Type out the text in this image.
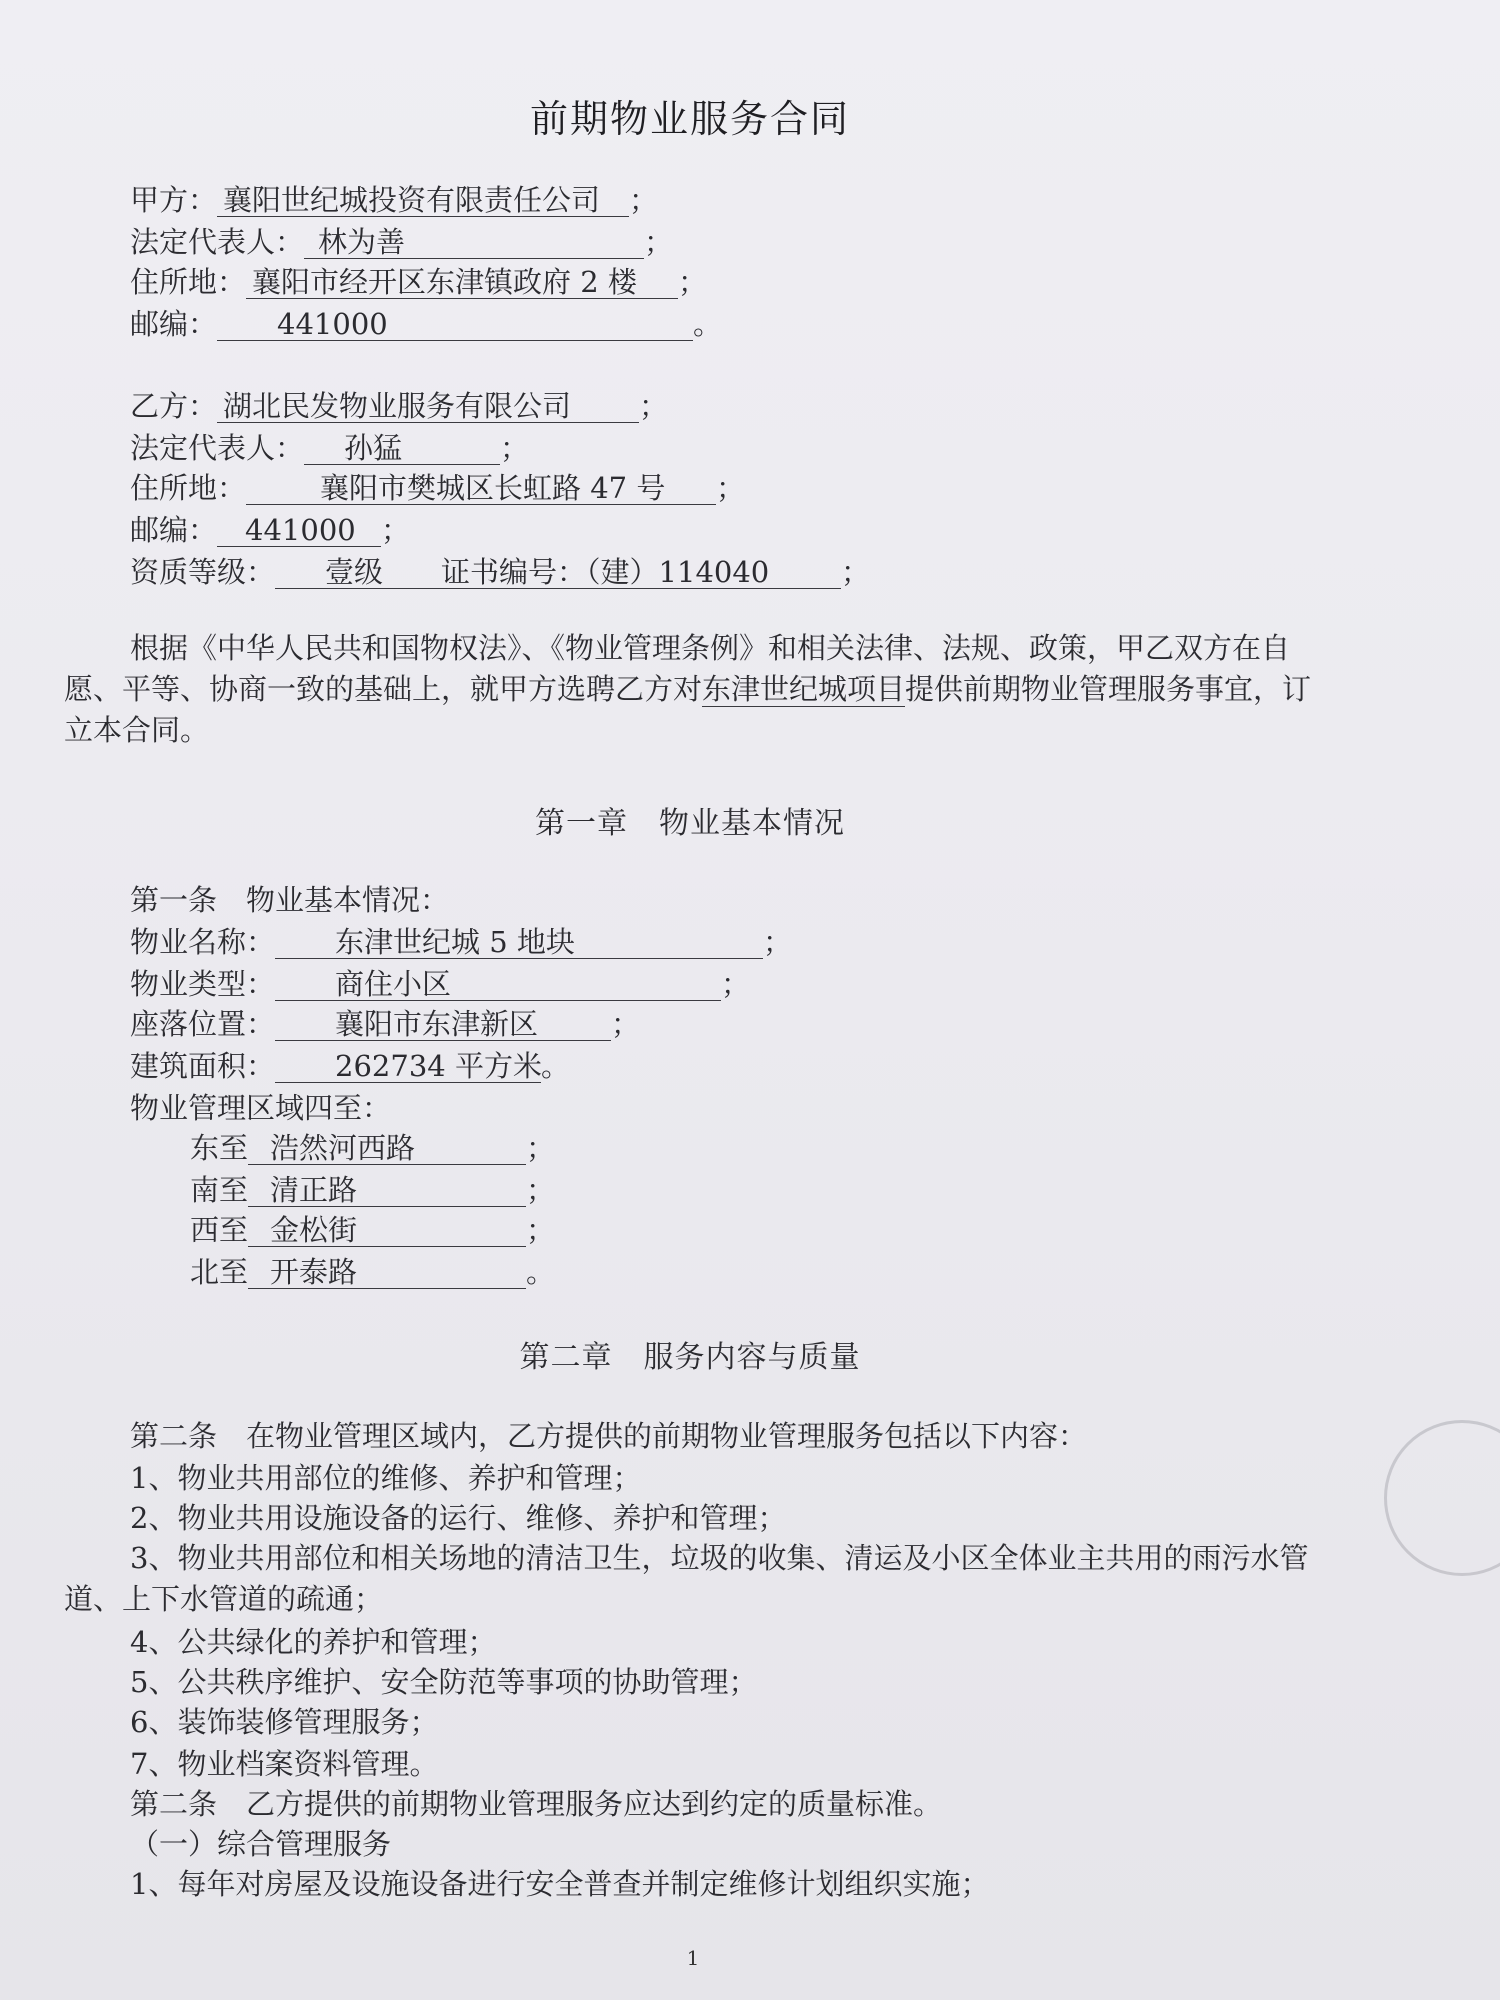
前期物业服务合同
甲方： 襄阳世纪城投资有限责任公司 ；
法定代表人： 林为善	；
住所地： 襄阳市经开区东津镇政府 2 楼 ；
邮编： 441000	。
乙方： 湖北民发物业服务有限公司 ；
法定代表人： 孙猛	；
住所地：	襄阳市樊城区长虹路 47 号 ；
邮编： 441000 ；
资质等级： 壹级　　 证书编号：（建）114040 ；
根据《中华人民共和国物权法》、《物业管理条例》和相关法律、法规、政策，甲乙双方在自愿、平等、协商一致的基础上，就甲方选聘乙方对东津世纪城项目提供前期物业管理服务事宜，订立本合同。
第一章　物业基本情况
第一条　物业基本情况：
物业名称： 东津世纪城 5 地块	；
物业类型： 商住小区	；
座落位置： 襄阳市东津新区	；
建筑面积： 262734 平方米。
物业管理区域四至：
东至 浩然河西路	；
南至 清正路	；
西至 金松街	；
北至 开泰路	。
第二章　服务内容与质量
第二条　在物业管理区域内，乙方提供的前期物业管理服务包括以下内容：
1、物业共用部位的维修、养护和管理；
2、物业共用设施设备的运行、维修、养护和管理；
3、物业共用部位和相关场地的清洁卫生，垃圾的收集、清运及小区全体业主共用的雨污水管道、上下水管道的疏通；
4、公共绿化的养护和管理；
5、公共秩序维护、安全防范等事项的协助管理；
6、装饰装修管理服务；
7、物业档案资料管理。
第二条　乙方提供的前期物业管理服务应达到约定的质量标准。
（一）综合管理服务
1、每年对房屋及设施设备进行安全普查并制定维修计划组织实施；
1
